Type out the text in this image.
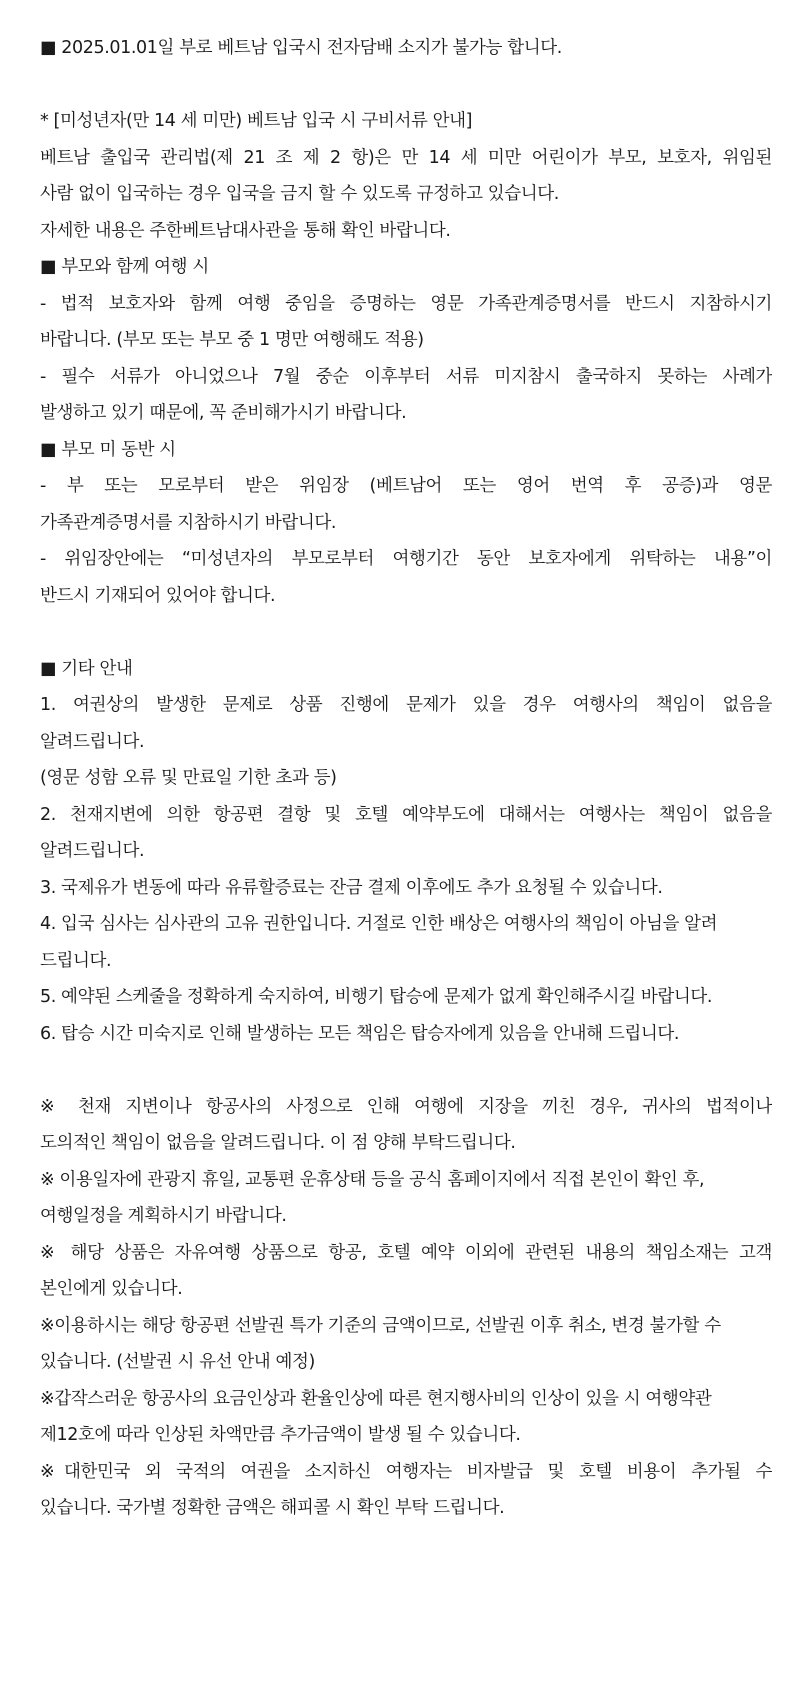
■ 2025.01.01일 부로 베트남 입국시 전자담배 소지가 불가능 합니다.
* [미성년자(만 14 세 미만) 베트남 입국 시 구비서류 안내]
베트남 출입국 관리법(제 21 조 제 2 항)은 만 14 세 미만 어린이가 부모, 보호자, 위임된
사람 없이 입국하는 경우 입국을 금지 할 수 있도록 규정하고 있습니다.
자세한 내용은 주한베트남대사관을 통해 확인 바랍니다.
■ 부모와 함께 여행 시
- 법적 보호자와 함께 여행 중임을 증명하는 영문 가족관계증명서를 반드시 지참하시기
바랍니다. (부모 또는 부모 중 1 명만 여행해도 적용)
- 필수 서류가 아니었으나 7월 중순 이후부터 서류 미지참시 출국하지 못하는 사례가
발생하고 있기 때문에, 꼭 준비해가시기 바랍니다.
■ 부모 미 동반 시
- 부 또는 모로부터 받은 위임장 (베트남어 또는 영어 번역 후 공증)과 영문
가족관계증명서를 지참하시기 바랍니다.
- 위임장안에는 “미성년자의 부모로부터 여행기간 동안 보호자에게 위탁하는 내용”이
반드시 기재되어 있어야 합니다.
■ 기타 안내
1. 여권상의 발생한 문제로 상품 진행에 문제가 있을 경우 여행사의 책임이 없음을
알려드립니다.
(영문 성함 오류 및 만료일 기한 초과 등)
2. 천재지변에 의한 항공편 결항 및 호텔 예약부도에 대해서는 여행사는 책임이 없음을
알려드립니다.
3. 국제유가 변동에 따라 유류할증료는 잔금 결제 이후에도 추가 요청될 수 있습니다.
4. 입국 심사는 심사관의 고유 권한입니다. 거절로 인한 배상은 여행사의 책임이 아님을 알려
드립니다.
5. 예약된 스케줄을 정확하게 숙지하여, 비행기 탑승에 문제가 없게 확인해주시길 바랍니다.
6. 탑승 시간 미숙지로 인해 발생하는 모든 책임은 탑승자에게 있음을 안내해 드립니다.
※ 천재 지변이나 항공사의 사정으로 인해 여행에 지장을 끼친 경우, 귀사의 법적이나
도의적인 책임이 없음을 알려드립니다. 이 점 양해 부탁드립니다.
※ 이용일자에 관광지 휴일, 교통편 운휴상태 등을 공식 홈페이지에서 직접 본인이 확인 후,
여행일정을 계획하시기 바랍니다.
※ 해당 상품은 자유여행 상품으로 항공, 호텔 예약 이외에 관련된 내용의 책임소재는 고객
본인에게 있습니다.
※이용하시는 해당 항공편 선발권 특가 기준의 금액이므로, 선발권 이후 취소, 변경 불가할 수
있습니다. (선발권 시 유선 안내 예정)
※갑작스러운 항공사의 요금인상과 환율인상에 따른 현지행사비의 인상이 있을 시 여행약관
제12호에 따라 인상된 차액만큼 추가금액이 발생 될 수 있습니다.
※대한민국 외 국적의 여권을 소지하신 여행자는 비자발급 및 호텔 비용이 추가될 수
있습니다. 국가별 정확한 금액은 해피콜 시 확인 부탁 드립니다.
